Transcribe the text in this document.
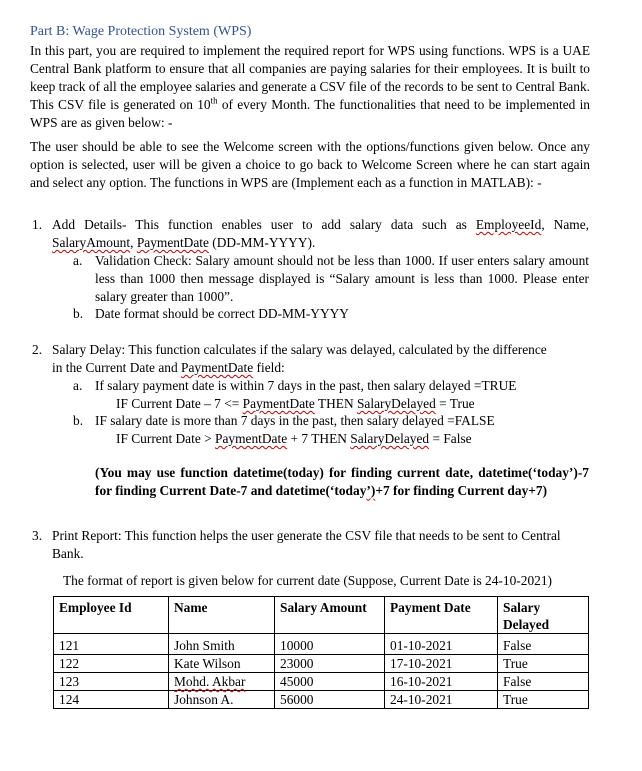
Part B: Wage Protection System (WPS)
In this part, you are required to implement the required report for WPS using functions. WPS is a UAE Central Bank platform to ensure that all companies are paying salaries for their employees. It is built to keep track of all the employee salaries and generate a CSV file of the records to be sent to Central Bank. This CSV file is generated on 10th of every Month. The functionalities that need to be implemented in WPS are as given below: -
The user should be able to see the Welcome screen with the options/functions given below. Once any option is selected, user will be given a choice to go back to Welcome Screen where he can start again and select any option. The functions in WPS are (Implement each as a function in MATLAB): -
1. Add Details- This function enables user to add salary data such as EmployeeId, Name,
SalaryAmount, PaymentDate (DD-MM-YYYY).
a. Validation Check: Salary amount should not be less than 1000. If user enters salary amount less than 1000 then message displayed is “Salary amount is less than 1000. Please enter salary greater than 1000”.
b. Date format should be correct DD-MM-YYYY
2. Salary Delay: This function calculates if the salary was delayed, calculated by the difference
in the Current Date and PaymentDate field:
a. If salary payment date is within 7 days in the past, then salary delayed =TRUE
IF Current Date – 7 <= PaymentDate THEN SalaryDelayed = True
b. IF salary date is more than 7 days in the past, then salary delayed =FALSE
IF Current Date > PaymentDate + 7 THEN SalaryDelayed = False
(You may use function datetime(today) for finding current date, datetime(‘today’)-7 for finding Current Date-7 and datetime(‘today’)+7 for finding Current day+7)
3. Print Report: This function helps the user generate the CSV file that needs to be sent to Central Bank.
The format of report is given below for current date (Suppose, Current Date is 24-10-2021)
Employee Id	Name	Salary Amount	Payment Date	Salary Delayed
121	John Smith	10000	01-10-2021	False
122	Kate Wilson	23000	17-10-2021	True
123	Mohd. Akbar	45000	16-10-2021	False
124	Johnson A.	56000	24-10-2021	True
